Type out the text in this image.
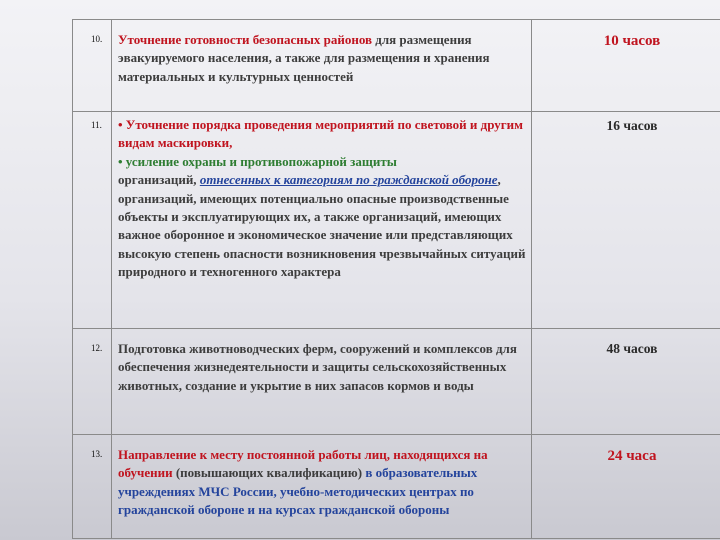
10. Уточнение готовности безопасных районов для размещения эвакуируемого населения, а также для размещения и хранения материальных и культурных ценностей
10 часов
11. • Уточнение порядка проведения мероприятий по световой и другим видам маскировки,
• усиление охраны и противопожарной защиты
организаций, отнесенных к категориям по гражданской обороне, организаций, имеющих потенциально опасные производственные объекты и эксплуатирующих их, а также организаций, имеющих важное оборонное и экономическое значение или представляющих высокую степень опасности возникновения чрезвычайных ситуаций природного и техногенного характера
16 часов
12. Подготовка животноводческих ферм, сооружений и комплексов для обеспечения жизнедеятельности и защиты сельскохозяйственных животных, создание и укрытие в них запасов кормов и воды
48 часов
13. Направление к месту постоянной работы лиц, находящихся на обучении (повышающих квалификацию) в образовательных учреждениях МЧС России, учебно-методических центрах по гражданской обороне и на курсах гражданской обороны
24 часа
